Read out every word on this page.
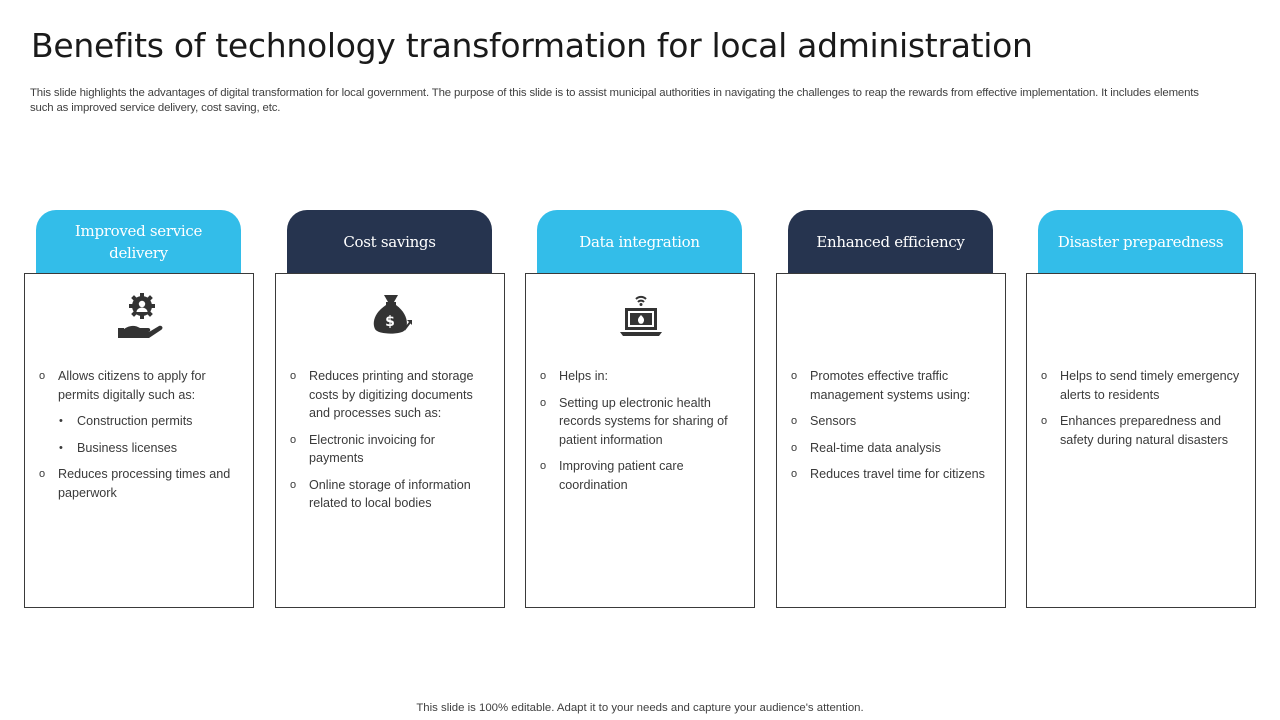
Benefits of technology transformation for local administration

This slide highlights the advantages of digital transformation for local government. The purpose of this slide is to assist municipal authorities in navigating the challenges to reap the rewards from effective implementation. It includes elements such as improved service delivery, cost saving, etc.

Improved service delivery
o	Allows citizens to apply for permits digitally such as:
•	Construction permits
•	Business licenses
o	Reduces processing times and paperwork
Cost savings
$
o	Reduces printing and storage costs by digitizing documents and processes such as:
o	Electronic invoicing for payments
o	Online storage of information related to local bodies
Data integration
o	Helps in:
o	Setting up electronic health records systems for sharing of patient information
o	Improving patient care coordination
Enhanced efficiency
o	Promotes effective traffic management systems using:
o	Sensors
o	Real-time data analysis
o	Reduces travel time for citizens
Disaster preparedness
o	Helps to send timely emergency alerts to residents
o	Enhances preparedness and safety during natural disasters
This slide is 100% editable. Adapt it to your needs and capture your audience's attention.
